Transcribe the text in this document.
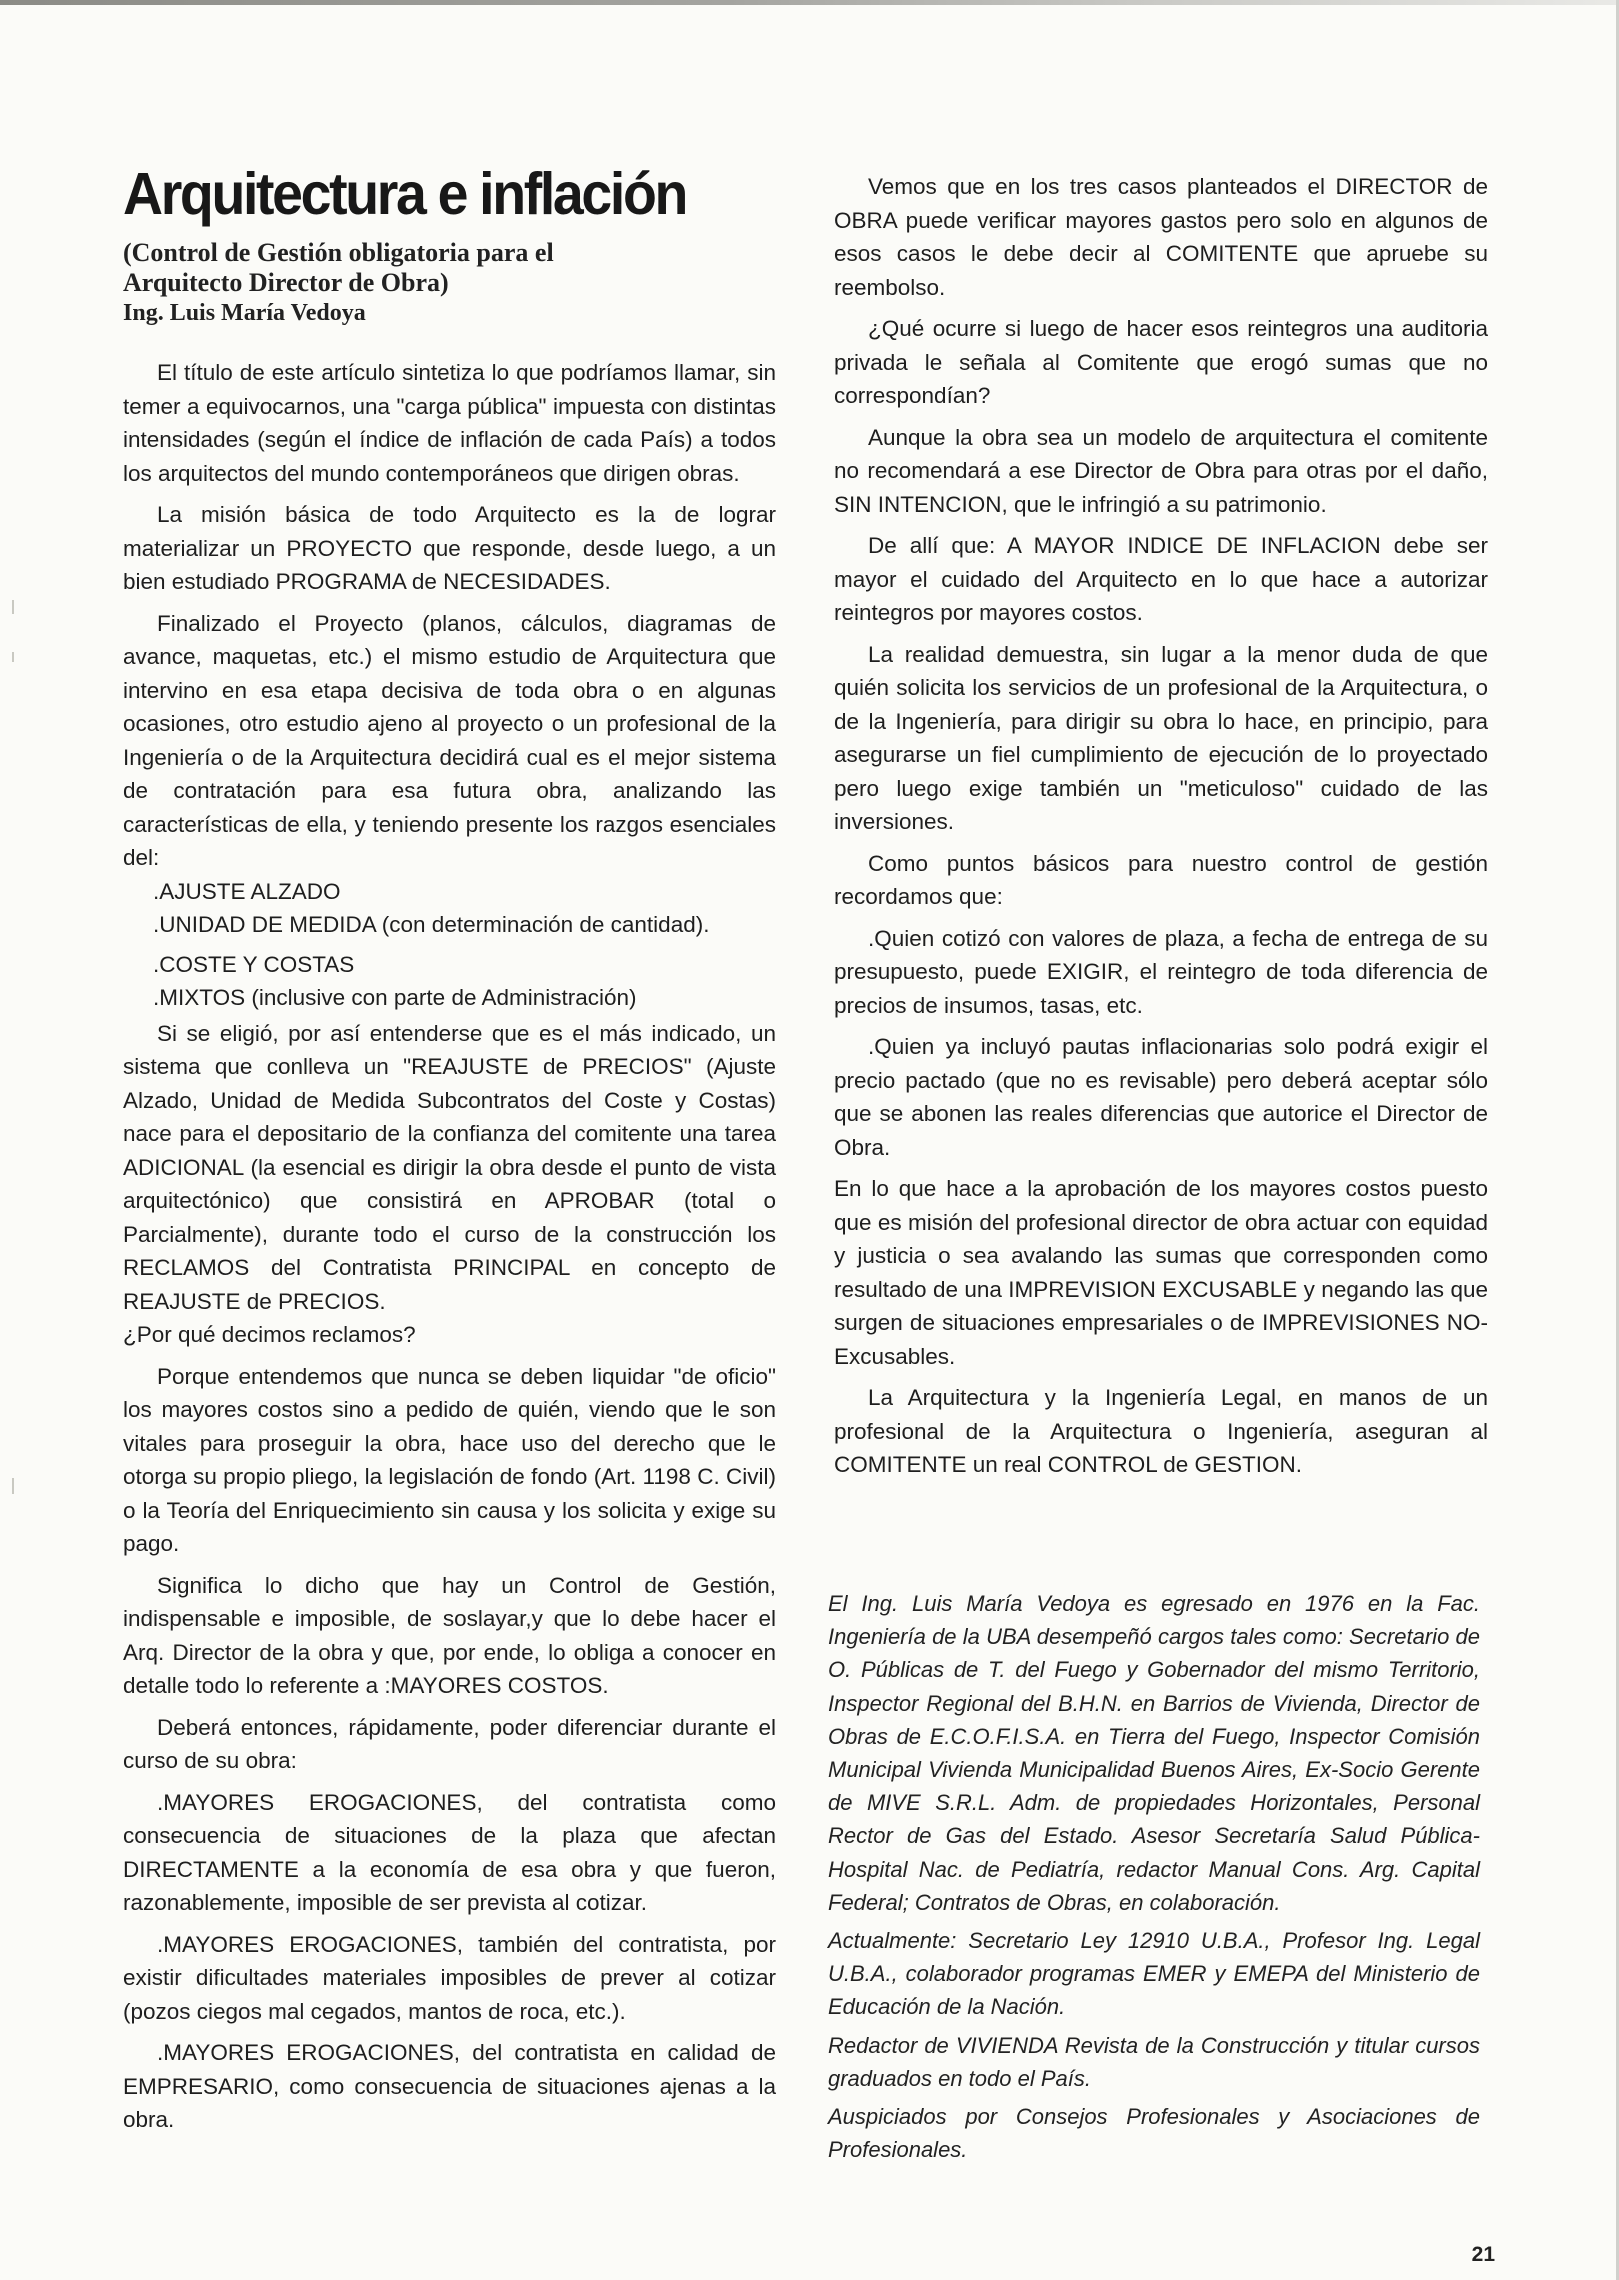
Arquitectura e inflación
(Control de Gestión obligatoria para el
Arquitecto Director de Obra)
Ing. Luis María Vedoya

El título de este artículo sintetiza lo que podríamos llamar, sin temer a equivocarnos, una "carga pública" impuesta con distintas intensidades (según el índice de inflación de cada País) a todos los arquitectos del mundo contemporáneos que dirigen obras.

La misión básica de todo Arquitecto es la de lograr materializar un PROYECTO que responde, desde luego, a un bien estudiado PROGRAMA de NECESIDADES.

Finalizado el Proyecto (planos, cálculos, diagramas de avance, maquetas, etc.) el mismo estudio de Arquitectura que intervino en esa etapa decisiva de toda obra o en algunas ocasiones, otro estudio ajeno al proyecto o un profesional de la Ingeniería o de la Arquitectura decidirá cual es el mejor sistema de contratación para esa futura obra, analizando las características de ella, y teniendo presente los razgos esenciales del:

.AJUSTE ALZADO

.UNIDAD DE MEDIDA (con determinación de cantidad).

.COSTE Y COSTAS

.MIXTOS (inclusive con parte de Administración)

Si se eligió, por así entenderse que es el más indicado, un sistema que conlleva un "REAJUSTE de PRECIOS" (Ajuste Alzado, Unidad de Medida Subcontratos del Coste y Costas) nace para el depositario de la confianza del comitente una tarea ADICIONAL (la esencial es dirigir la obra desde el punto de vista arquitectónico) que consistirá en APROBAR (total o Parcialmente), durante todo el curso de la construcción los RECLAMOS del Contratista PRINCIPAL en concepto de REAJUSTE de PRECIOS.

¿Por qué decimos reclamos?

Porque entendemos que nunca se deben liquidar "de oficio" los mayores costos sino a pedido de quién, viendo que le son vitales para proseguir la obra, hace uso del derecho que le otorga su propio pliego, la legislación de fondo (Art. 1198 C. Civil) o la Teoría del Enriquecimiento sin causa y los solicita y exige su pago.

Significa lo dicho que hay un Control de Gestión, indispensable e imposible, de soslayar,y que lo debe hacer el Arq. Director de la obra y que, por ende, lo obliga a conocer en detalle todo lo referente a :MAYORES COSTOS.

Deberá entonces, rápidamente, poder diferenciar durante el curso de su obra:

.MAYORES EROGACIONES, del contratista como consecuencia de situaciones de la plaza que afectan DIRECTAMENTE a la economía de esa obra y que fueron, razonablemente, imposible de ser prevista al cotizar.

.MAYORES EROGACIONES, también del contratista, por existir dificultades materiales imposibles de prever al cotizar (pozos ciegos mal cegados, mantos de roca, etc.).

.MAYORES EROGACIONES, del contratista en calidad de EMPRESARIO, como consecuencia de situaciones ajenas a la obra.

Vemos que en los tres casos planteados el DIRECTOR de OBRA puede verificar mayores gastos pero solo en algunos de esos casos le debe decir al COMITENTE que apruebe su reembolso.

¿Qué ocurre si luego de hacer esos reintegros una auditoria privada le señala al Comitente que erogó sumas que no correspondían?

Aunque la obra sea un modelo de arquitectura el comitente no recomendará a ese Director de Obra para otras por el daño, SIN INTENCION, que le infringió a su patrimonio.

De allí que: A MAYOR INDICE DE INFLACION debe ser mayor el cuidado del Arquitecto en lo que hace a autorizar reintegros por mayores costos.

La realidad demuestra, sin lugar a la menor duda de que quién solicita los servicios de un profesional de la Arquitectura, o de la Ingeniería, para dirigir su obra lo hace, en principio, para asegurarse un fiel cumplimiento de ejecución de lo proyectado pero luego exige también un "meticuloso" cuidado de las inversiones.

Como puntos básicos para nuestro control de gestión recordamos que:

.Quien cotizó con valores de plaza, a fecha de entrega de su presupuesto, puede EXIGIR, el reintegro de toda diferencia de precios de insumos, tasas, etc.

.Quien ya incluyó pautas inflacionarias solo podrá exigir el precio pactado (que no es revisable) pero deberá aceptar sólo que se abonen las reales diferencias que autorice el Director de Obra.

En lo que hace a la aprobación de los mayores costos puesto que es misión del profesional director de obra actuar con equidad y justicia o sea avalando las sumas que corresponden como resultado de una IMPREVISION EXCUSABLE y negando las que surgen de situaciones empresariales o de IMPREVISIONES NO-Excusables.

La Arquitectura y la Ingeniería Legal, en manos de un profesional de la Arquitectura o Ingeniería, aseguran al COMITENTE un real CONTROL de GESTION.

El Ing. Luis María Vedoya es egresado en 1976 en la Fac. Ingeniería de la UBA desempeñó cargos tales como: Secretario de O. Públicas de T. del Fuego y Gobernador del mismo Territorio, Inspector Regional del B.H.N. en Barrios de Vivienda, Director de Obras de E.C.O.F.I.S.A. en Tierra del Fuego, Inspector Comisión Municipal Vivienda Municipalidad Buenos Aires, Ex-Socio Gerente de MIVE S.R.L. Adm. de propiedades Horizontales, Personal Rector de Gas del Estado. Asesor Secretaría Salud Pública-Hospital Nac. de Pediatría, redactor Manual Cons. Arg. Capital Federal; Contratos de Obras, en colaboración.

Actualmente: Secretario Ley 12910 U.B.A., Profesor Ing. Legal U.B.A., colaborador programas EMER y EMEPA del Ministerio de Educación de la Nación.

Redactor de VIVIENDA Revista de la Construcción y titular cursos graduados en todo el País.

Auspiciados por Consejos Profesionales y Asociaciones de Profesionales.

21
